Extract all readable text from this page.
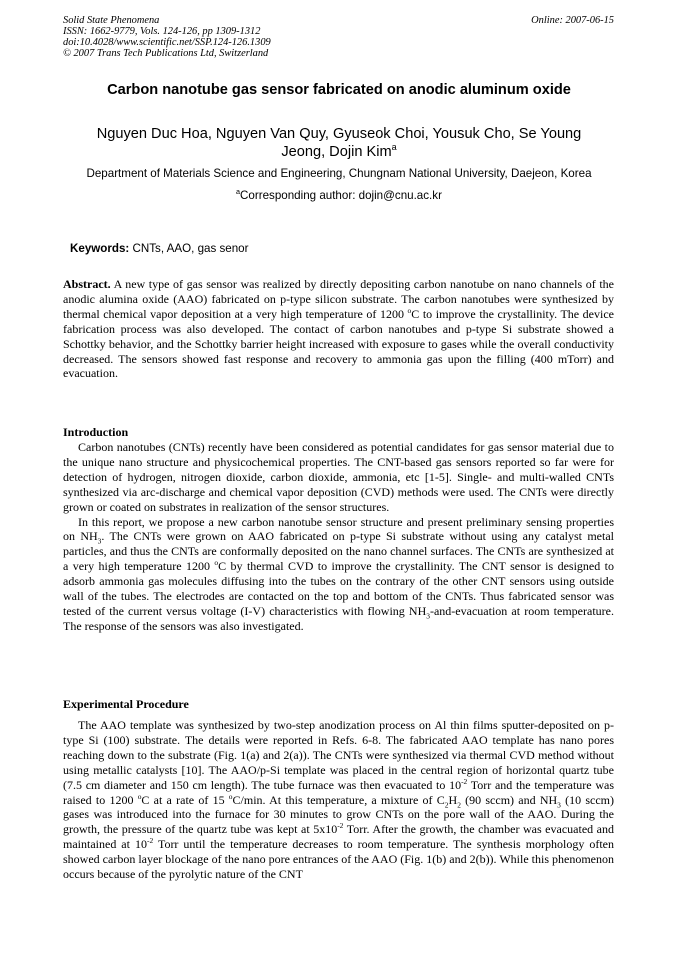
Solid State Phenomena
ISSN: 1662-9779, Vols. 124-126, pp 1309-1312
doi:10.4028/www.scientific.net/SSP.124-126.1309
© 2007 Trans Tech Publications Ltd, Switzerland
Online: 2007-06-15
Carbon nanotube gas sensor fabricated on anodic aluminum oxide
Nguyen Duc Hoa, Nguyen Van Quy, Gyuseok Choi, Yousuk Cho, Se Young
Jeong, Dojin Kim$^a$
Department of Materials Science and Engineering, Chungnam National University, Daejeon, Korea
$^a$Corresponding author: dojin@cnu.ac.kr
Keywords: CNTs, AAO, gas senor

Abstract. A new type of gas sensor was realized by directly depositing carbon nanotube on nano channels of the anodic alumina oxide (AAO) fabricated on p-type silicon substrate. The carbon nanotubes were synthesized by thermal chemical vapor deposition at a very high temperature of 1200 $^o$C to improve the crystallinity. The device fabrication process was also developed. The contact of carbon nanotubes and p-type Si substrate showed a Schottky behavior, and the Schottky barrier height increased with exposure to gases while the overall conductivity decreased. The sensors showed fast response and recovery to ammonia gas upon the filling (400 mTorr) and evacuation.

Introduction

Carbon nanotubes (CNTs) recently have been considered as potential candidates for gas sensor material due to the unique nano structure and physicochemical properties. The CNT-based gas sensors reported so far were for detection of hydrogen, nitrogen dioxide, carbon dioxide, ammonia, etc [1-5]. Single- and multi-walled CNTs synthesized via arc-discharge and chemical vapor deposition (CVD) methods were used. The CNTs were directly grown or coated on substrates in realization of the sensor structures.

In this report, we propose a new carbon nanotube sensor structure and present preliminary sensing properties on $NH_3$. The CNTs were grown on AAO fabricated on p-type Si substrate without using any catalyst metal particles, and thus the CNTs are conformally deposited on the nano channel surfaces. The CNTs are synthesized at a very high temperature 1200 $^o$C by thermal CVD to improve the crystallinity. The CNT sensor is designed to adsorb ammonia gas molecules diffusing into the tubes on the contrary of the other CNT sensors using outside wall of the tubes. The electrodes are contacted on the top and bottom of the CNTs. Thus fabricated sensor was tested of the current versus voltage (I-V) characteristics with flowing $NH_3-and$-evacuation at room temperature. The response of the sensors was also investigated.

Experimental Procedure

The AAO template was synthesized by two-step anodization process on Al thin films sputter-deposited on p-type Si (100) substrate. The details were reported in Refs. 6-8. The fabricated AAO template has nano pores reaching down to the substrate (Fig. 1(a) and 2(a)). The CNTs were synthesized via thermal CVD method without using metallic catalysts [10]. The AAO/p-Si template was placed in the central region of horizontal quartz tube (7.5 cm diameter and 150 cm length). The tube furnace was then evacuated to $10^{-2}$ Torr and the temperature was raised to 1200 $^o$C at a rate of 15 $^o$C/min. At this temperature, a mixture of $C_2H_2$ (90 sccm) and $NH_3$ (10 sccm) gases was introduced into the furnace for 30 minutes to grow CNTs on the pore wall of the AAO. During the growth, the pressure of the quartz tube was kept at $5x10^{-2}$ Torr. After the growth, the chamber was evacuated and maintained at $10^{-2}$ Torr until the temperature decreases to room temperature. The synthesis morphology often showed carbon layer blockage of the nano pore entrances of the AAO (Fig. 1(b) and 2(b)). While this phenomenon occurs because of the pyrolytic nature of the CNT
